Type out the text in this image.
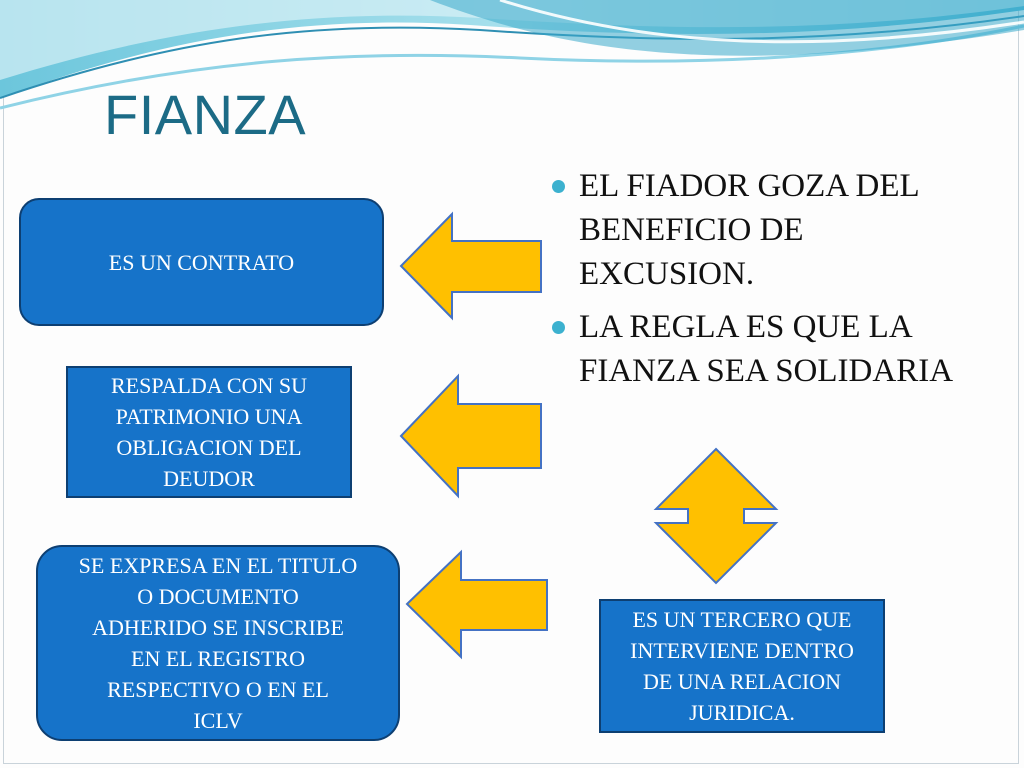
FIANZA
EL FIADOR GOZA DEL BENEFICIO DE EXCUSION.
LA REGLA ES QUE LA FIANZA SEA SOLIDARIA
ES UN CONTRATO
RESPALDA CON SU
PATRIMONIO UNA
OBLIGACION DEL
DEUDOR
SE EXPRESA EN EL TITULO
O DOCUMENTO
ADHERIDO SE INSCRIBE
EN EL REGISTRO
RESPECTIVO O EN EL
ICLV
ES UN TERCERO QUE
INTERVIENE DENTRO
DE UNA RELACION
JURIDICA.
